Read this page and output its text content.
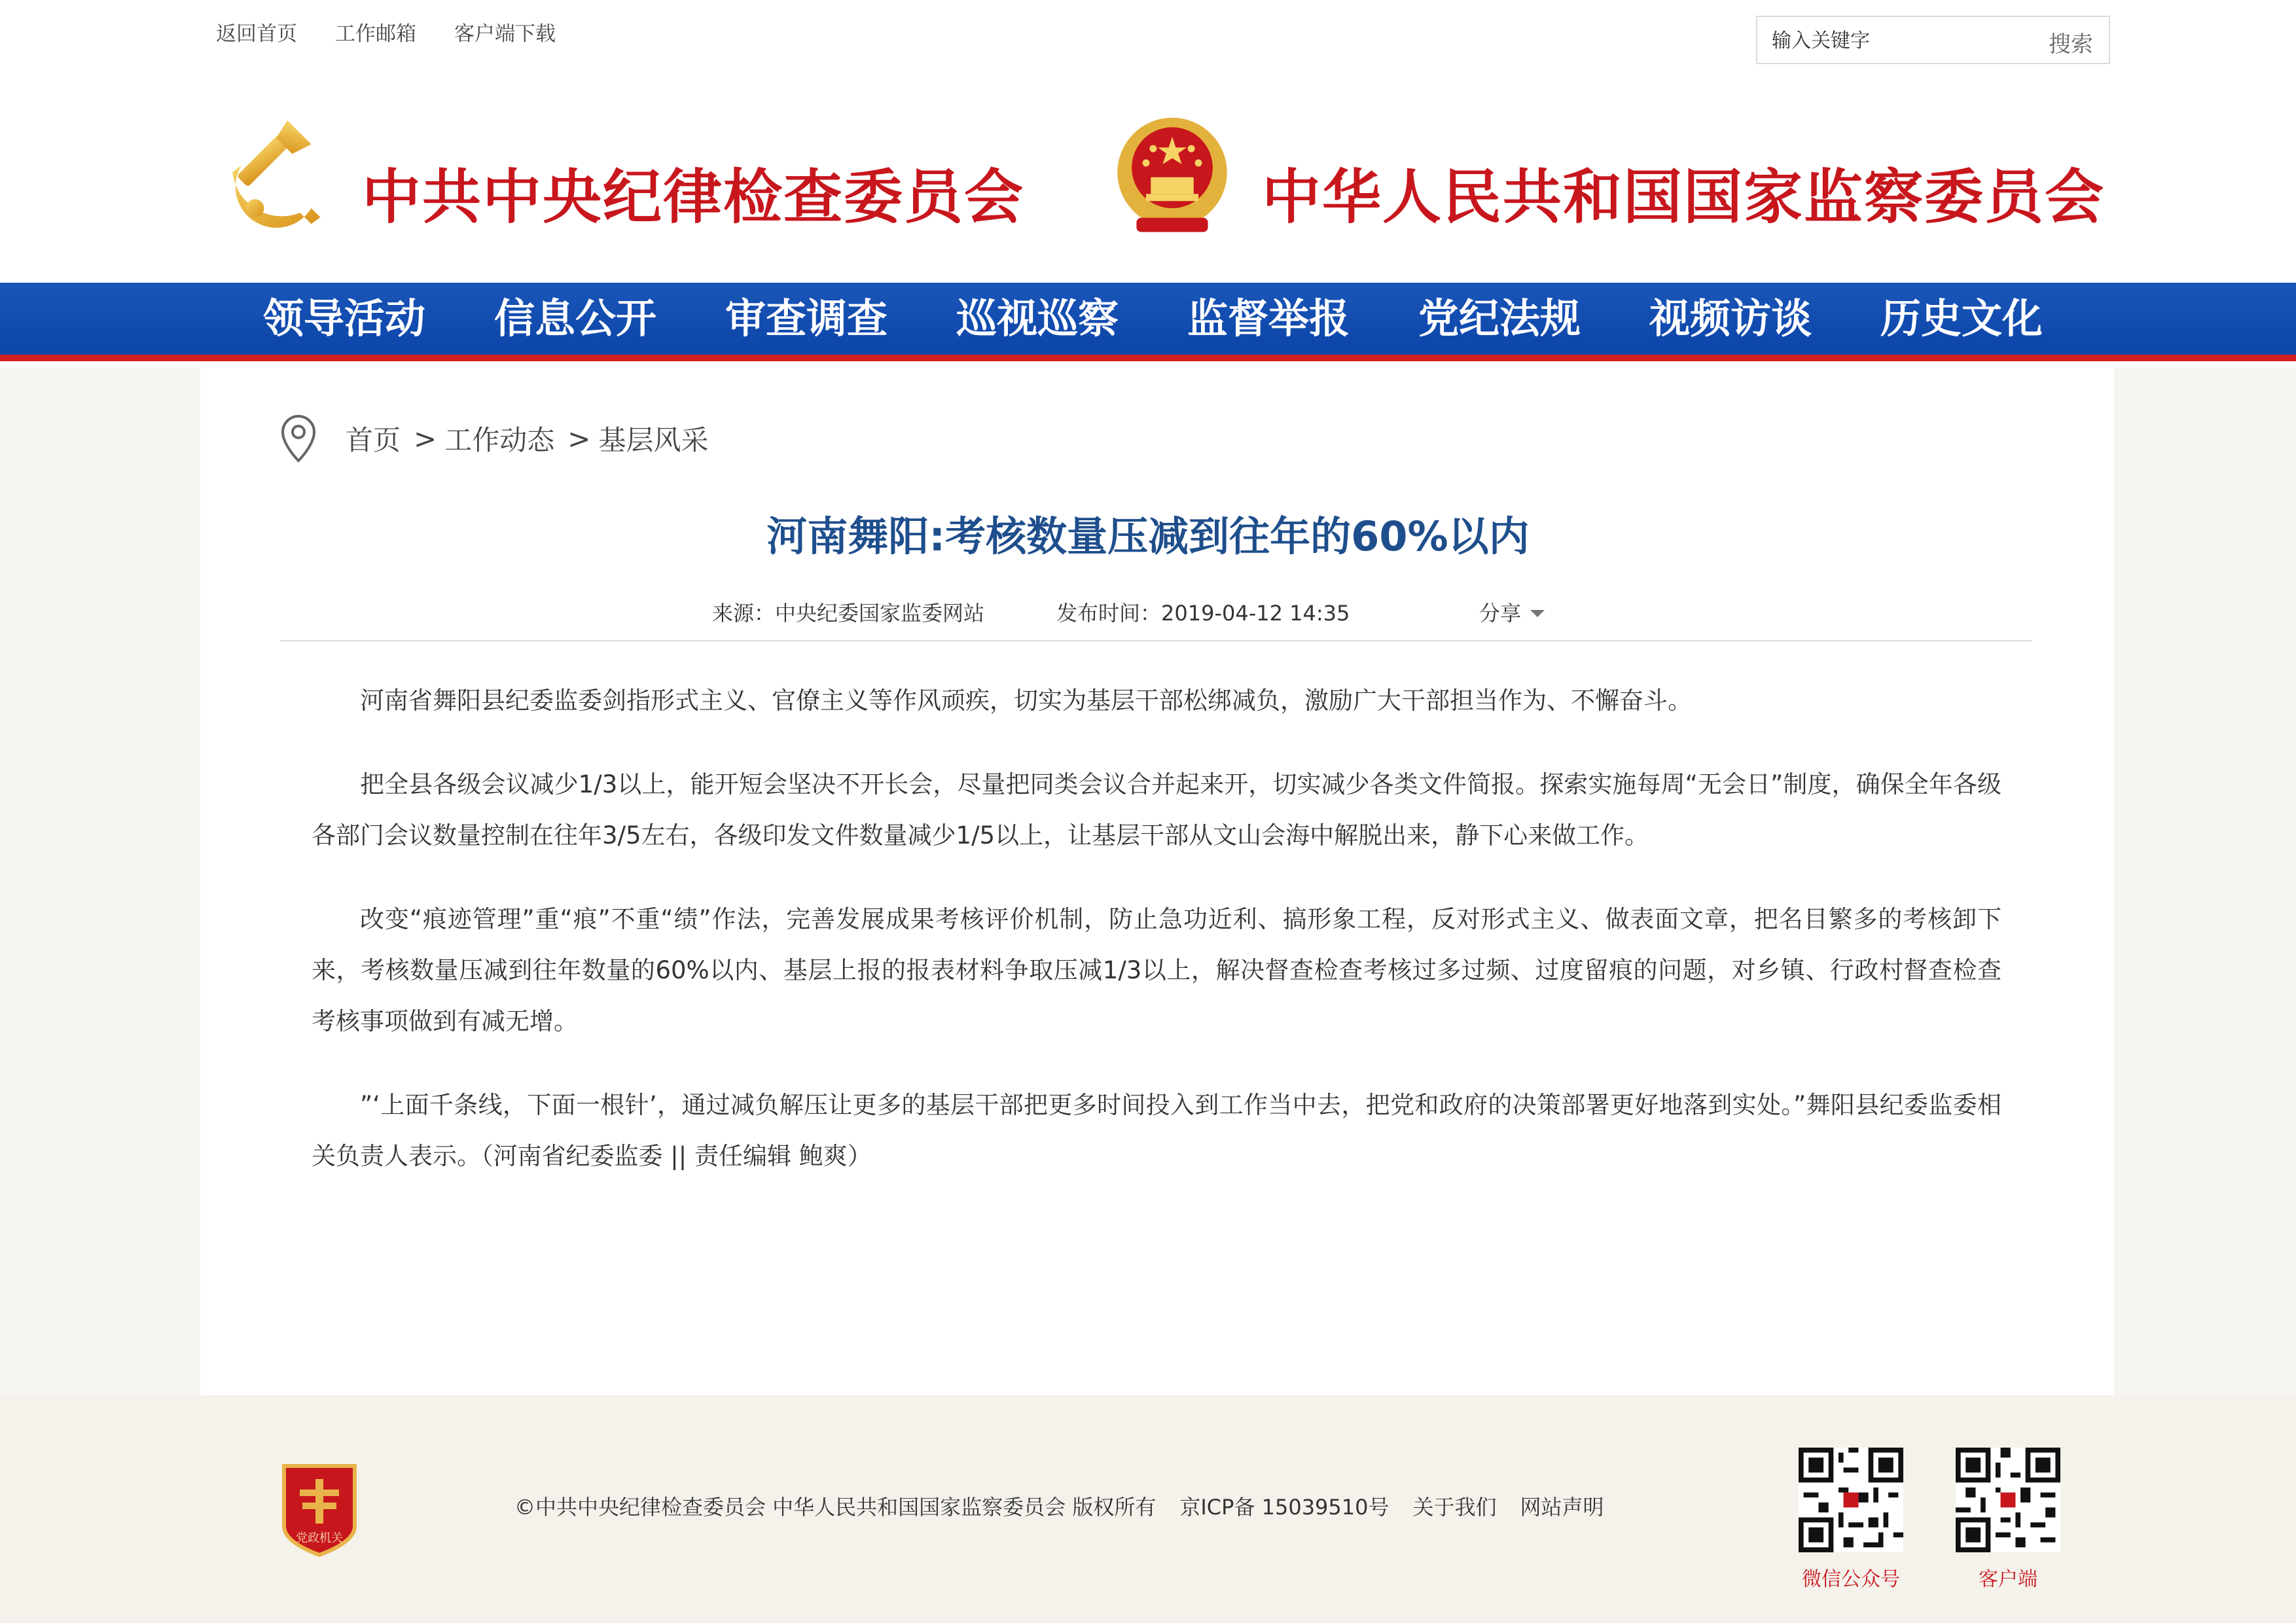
返回首页 工作邮箱 客户端下载
输入关键字	搜索
中共中央纪律检查委员会	中华人民共和国国家监察委员会
领导活动	信息公开	审查调查	巡视巡察	监督举报	党纪法规	视频访谈	历史文化
首页 > 工作动态 > 基层风采
河南舞阳:考核数量压减到往年的60%以内
来源：中央纪委国家监委网站	发布时间：2019-04-12 14:35	分享

河南省舞阳县纪委监委剑指形式主义、官僚主义等作风顽疾，切实为基层干部松绑减负，激励广大干部担当作为、不懈奋斗。

把全县各级会议减少1/3以上，能开短会坚决不开长会，尽量把同类会议合并起来开，切实减少各类文件简报。探索实施每周“无会日”制度，确保全年各级各部门会议数量控制在往年3/5左右，各级印发文件数量减少1/5以上，让基层干部从文山会海中解脱出来，静下心来做工作。

改变“痕迹管理”重“痕”不重“绩”作法，完善发展成果考核评价机制，防止急功近利、搞形象工程，反对形式主义、做表面文章，把名目繁多的考核卸下来，考核数量压减到往年数量的60%以内、基层上报的报表材料争取压减1/3以上，解决督查检查考核过多过频、过度留痕的问题，对乡镇、行政村督查检查考核事项做到有减无增。

”‘上面千条线，下面一根针’，通过减负解压让更多的基层干部把更多时间投入到工作当中去，把党和政府的决策部署更好地落到实处。”舞阳县纪委监委相关负责人表示。（河南省纪委监委 || 责任编辑 鲍爽）

党政机关
©中共中央纪律检查委员会 中华人民共和国国家监察委员会 版权所有 京ICP备 15039510号 关于我们 网站声明
微信公众号	客户端
